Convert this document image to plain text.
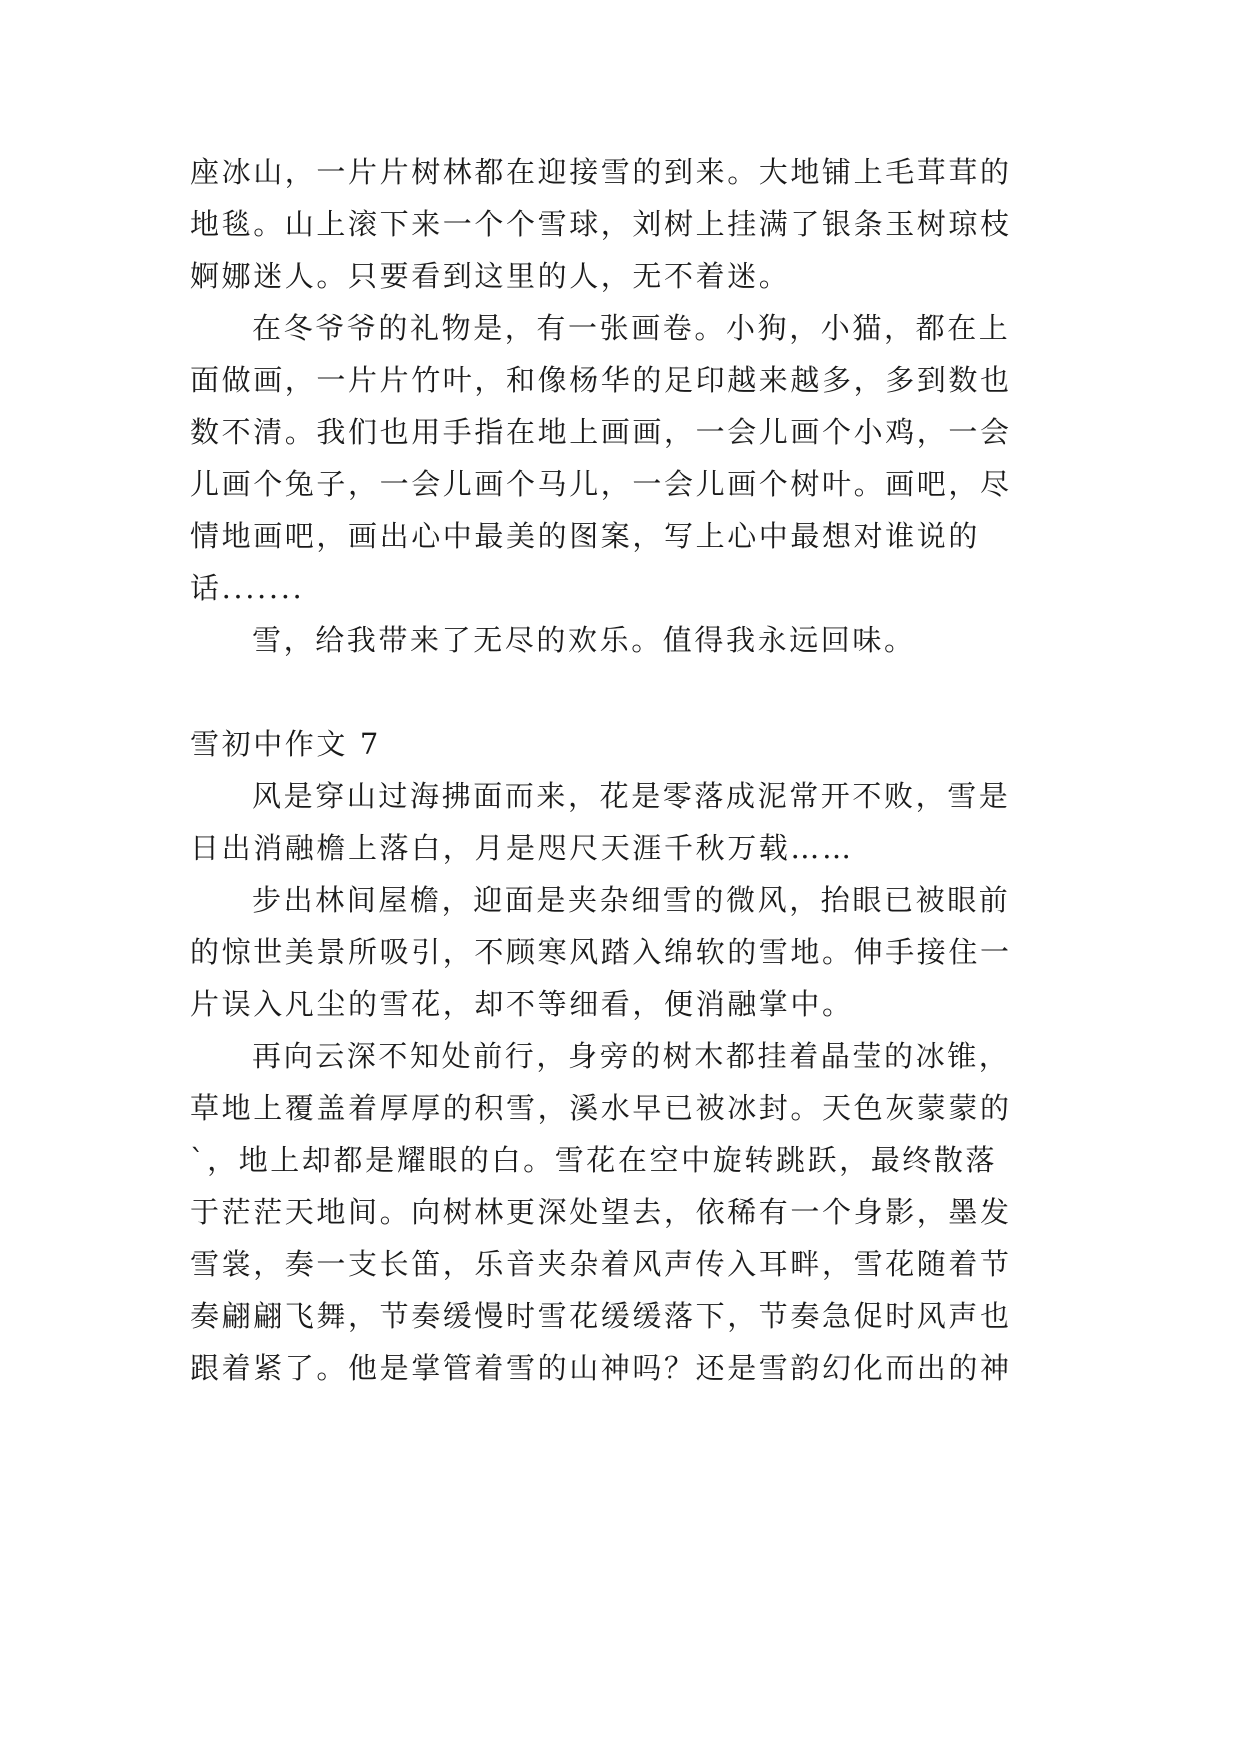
座冰山，一片片树林都在迎接雪的到来。大地铺上毛茸茸的
地毯。山上滚下来一个个雪球，刘树上挂满了银条玉树琼枝
婀娜迷人。只要看到这里的人，无不着迷。
在冬爷爷的礼物是，有一张画卷。小狗，小猫，都在上
面做画，一片片竹叶，和像杨华的足印越来越多，多到数也
数不清。我们也用手指在地上画画，一会儿画个小鸡，一会
儿画个兔子，一会儿画个马儿，一会儿画个树叶。画吧，尽
情地画吧，画出心中最美的图案，写上心中最想对谁说的
话.......
雪，给我带来了无尽的欢乐。值得我永远回味。
雪初中作文 7
风是穿山过海拂面而来，花是零落成泥常开不败，雪是
日出消融檐上落白，月是咫尺天涯千秋万载……
步出林间屋檐，迎面是夹杂细雪的微风，抬眼已被眼前
的惊世美景所吸引，不顾寒风踏入绵软的雪地。伸手接住一
片误入凡尘的雪花，却不等细看，便消融掌中。
再向云深不知处前行，身旁的树木都挂着晶莹的冰锥，
草地上覆盖着厚厚的积雪，溪水早已被冰封。天色灰蒙蒙的
`，地上却都是耀眼的白。雪花在空中旋转跳跃，最终散落
于茫茫天地间。向树林更深处望去，依稀有一个身影，墨发
雪裳，奏一支长笛，乐音夹杂着风声传入耳畔，雪花随着节
奏翩翩飞舞，节奏缓慢时雪花缓缓落下，节奏急促时风声也
跟着紧了。他是掌管着雪的山神吗？还是雪韵幻化而出的神
